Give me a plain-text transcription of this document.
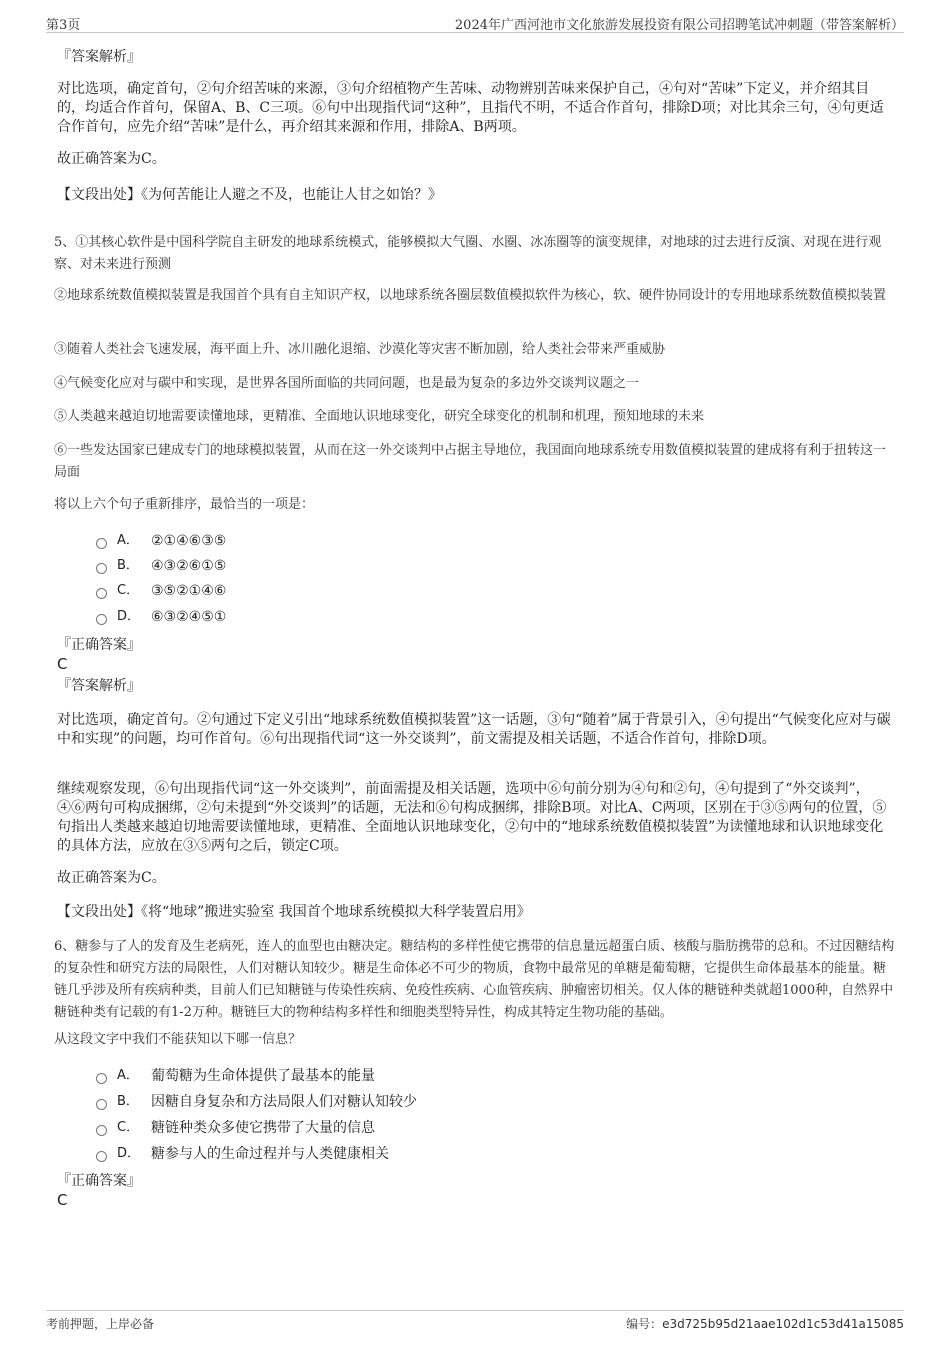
第3页	2024年广西河池市文化旅游发展投资有限公司招聘笔试冲刺题（带答案解析）
『答案解析』
对比选项，确定首句，②句介绍苦味的来源，③句介绍植物产生苦味、动物辨别苦味来保护自己，④句对“苦味”下定义，并介绍其目的，均适合作首句，保留A、B、C三项。⑥句中出现指代词“这种”，且指代不明，不适合作首句，排除D项；对比其余三句，④句更适合作首句，应先介绍“苦味”是什么，再介绍其来源和作用，排除A、B两项。
故正确答案为C。
【文段出处】《为何苦能让人避之不及，也能让人甘之如饴？》
5、①其核心软件是中国科学院自主研发的地球系统模式，能够模拟大气圈、水圈、冰冻圈等的演变规律，对地球的过去进行反演、对现在进行观察、对未来进行预测
②地球系统数值模拟装置是我国首个具有自主知识产权，以地球系统各圈层数值模拟软件为核心，软、硬件协同设计的专用地球系统数值模拟装置
③随着人类社会飞速发展，海平面上升、冰川融化退缩、沙漠化等灾害不断加剧，给人类社会带来严重威胁
④气候变化应对与碳中和实现，是世界各国所面临的共同问题，也是最为复杂的多边外交谈判议题之一
⑤人类越来越迫切地需要读懂地球，更精准、全面地认识地球变化，研究全球变化的机制和机理，预知地球的未来
⑥一些发达国家已建成专门的地球模拟装置，从而在这一外交谈判中占据主导地位，我国面向地球系统专用数值模拟装置的建成将有利于扭转这一局面
将以上六个句子重新排序，最恰当的一项是：
A． ②①④⑥③⑤
B． ④③②⑥①⑤
C． ③⑤②①④⑥
D． ⑥③②④⑤①
『正确答案』
C
『答案解析』
对比选项，确定首句。②句通过下定义引出“地球系统数值模拟装置”这一话题，③句“随着”属于背景引入，④句提出“气候变化应对与碳中和实现”的问题，均可作首句。⑥句出现指代词“这一外交谈判”，前文需提及相关话题，不适合作首句，排除D项。
继续观察发现，⑥句出现指代词“这一外交谈判”，前面需提及相关话题，选项中⑥句前分别为④句和②句，④句提到了“外交谈判”，④⑥两句可构成捆绑，②句未提到“外交谈判”的话题，无法和⑥句构成捆绑，排除B项。对比A、C两项，区别在于③⑤两句的位置，⑤句指出人类越来越迫切地需要读懂地球，更精准、全面地认识地球变化，②句中的“地球系统数值模拟装置”为读懂地球和认识地球变化的具体方法，应放在③⑤两句之后，锁定C项。
故正确答案为C。
【文段出处】《将“地球”搬进实验室 我国首个地球系统模拟大科学装置启用》
6、糖参与了人的发育及生老病死，连人的血型也由糖决定。糖结构的多样性使它携带的信息量远超蛋白质、核酸与脂肪携带的总和。不过因糖结构的复杂性和研究方法的局限性，人们对糖认知较少。糖是生命体必不可少的物质，食物中最常见的单糖是葡萄糖，它提供生命体最基本的能量。糖链几乎涉及所有疾病种类，目前人们已知糖链与传染性疾病、免疫性疾病、心血管疾病、肿瘤密切相关。仅人体的糖链种类就超1000种，自然界中糖链种类有记载的有1-2万种。糖链巨大的物种结构多样性和细胞类型特异性，构成其特定生物功能的基础。
从这段文字中我们不能获知以下哪一信息？
A． 葡萄糖为生命体提供了最基本的能量
B． 因糖自身复杂和方法局限人们对糖认知较少
C． 糖链种类众多使它携带了大量的信息
D． 糖参与人的生命过程并与人类健康相关
『正确答案』
C
考前押题，上岸必备	编号：e3d725b95d21aae102d1c53d41a15085
